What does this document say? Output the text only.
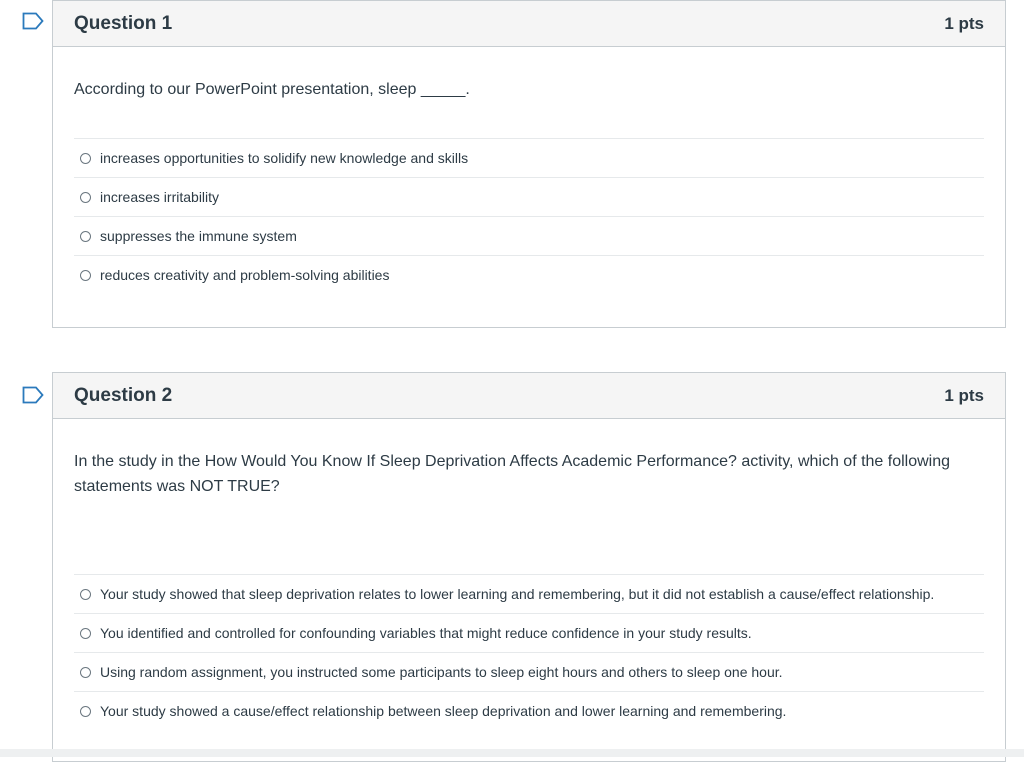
Question 1	1 pts
According to our PowerPoint presentation, sleep _____.
increases opportunities to solidify new knowledge and skills
increases irritability
suppresses the immune system
reduces creativity and problem-solving abilities
Question 2	1 pts
In the study in the How Would You Know If Sleep Deprivation Affects Academic Performance? activity, which of the following statements was NOT TRUE?
Your study showed that sleep deprivation relates to lower learning and remembering, but it did not establish a cause/effect relationship.
You identified and controlled for confounding variables that might reduce confidence in your study results.
Using random assignment, you instructed some participants to sleep eight hours and others to sleep one hour.
Your study showed a cause/effect relationship between sleep deprivation and lower learning and remembering.
